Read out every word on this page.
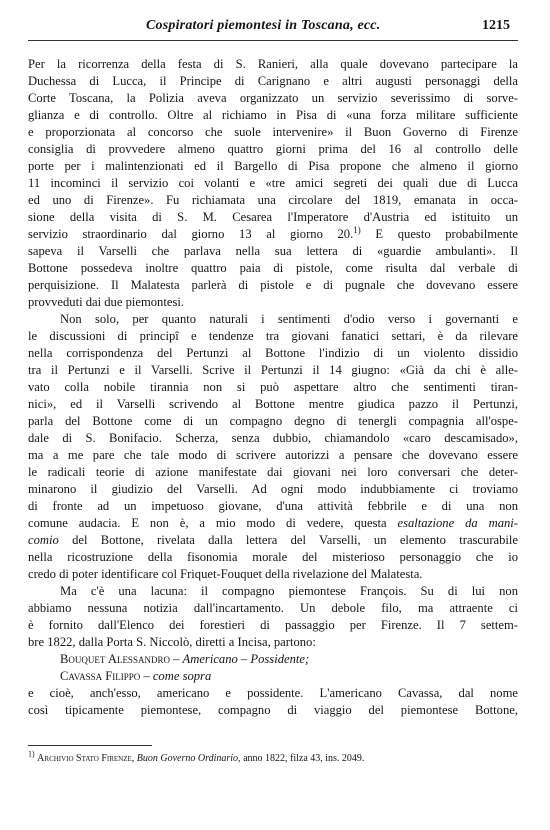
Cospiratori piemontesi in Toscana, ecc.	1215

Per la ricorrenza della festa di S. Ranieri, alla quale dovevano partecipare la

Duchessa di Lucca, il Principe di Carignano e altri augusti personaggi della

Corte Toscana, la Polizia aveva organizzato un servizio severissimo di sorve-

glianza e di controllo. Oltre al richiamo in Pisa di «una forza militare sufficiente

e proporzionata al concorso che suole intervenire» il Buon Governo di Firenze

consiglia di provvedere almeno quattro giorni prima del 16 al controllo delle

porte per i malintenzionati ed il Bargello di Pisa propone che almeno il giorno

11 incominci il servizio coi volanti e «tre amici segreti dei quali due di Lucca

ed uno di Firenze». Fu richiamata una circolare del 1819, emanata in occa-

sione della visita di S. M. Cesarea l'Imperatore d'Austria ed istituito un

servizio straordinario dal giorno 13 al giorno 20.$^{1)}$ E questo probabilmente

sapeva il Varselli che parlava nella sua lettera di «guardie ambulanti». Il

Bottone possedeva inoltre quattro paia di pistole, come risulta dal verbale di

perquisizione. Il Malatesta parlerà di pistole e di pugnale che dovevano essere

provveduti dai due piemontesi.

Non solo, per quanto naturali i sentimenti d'odio verso i governanti e

le discussioni di principî e tendenze tra giovani fanatici settari, è da rilevare

nella corrispondenza del Pertunzi al Bottone l'indizio di un violento dissidio

tra il Pertunzi e il Varselli. Scrive il Pertunzi il 14 giugno: «Già da chi è alle-

vato colla nobile tirannia non si può aspettare altro che sentimenti tiran-

nici», ed il Varselli scrivendo al Bottone mentre giudica pazzo il Pertunzi,

parla del Bottone come di un compagno degno di tenergli compagnia all'ospe-

dale di S. Bonifacio. Scherza, senza dubbio, chiamandolo «caro descamisado»,

ma a me pare che tale modo di scrivere autorizzi a pensare che dovevano essere

le radicali teorie di azione manifestate dai giovani nei loro conversari che deter-

minarono il giudizio del Varselli. Ad ogni modo indubbiamente ci troviamo

di fronte ad un impetuoso giovane, d'una attività febbrile e di una non

comune audacia. E non è, a mio modo di vedere, questa esaltazione da mani-

comio del Bottone, rivelata dalla lettera del Varselli, un elemento trascurabile

nella ricostruzione della fisonomia morale del misterioso personaggio che io

credo di poter identificare col Friquet-Fouquet della rivelazione del Malatesta.

Ma c'è una lacuna: il compagno piemontese François. Su di lui non

abbiamo nessuna notizia dall'incartamento. Un debole filo, ma attraente ci

è fornito dall'Elenco dei forestieri di passaggio per Firenze. Il 7 settem-

bre 1822, dalla Porta S. Niccolò, diretti a Incisa, partono:

Bouquet Alessandro – Americano – Possidente;
Cavassa Filippo – come sopra

e cioè, anch'esso, americano e possidente. L'americano Cavassa, dal nome

così tipicamente piemontese, compagno di viaggio del piemontese Bottone,

$^{1)}$ Archivio Stato Firenze, Buon Governo Ordinario, anno 1822, filza 43, ins. 2049.
